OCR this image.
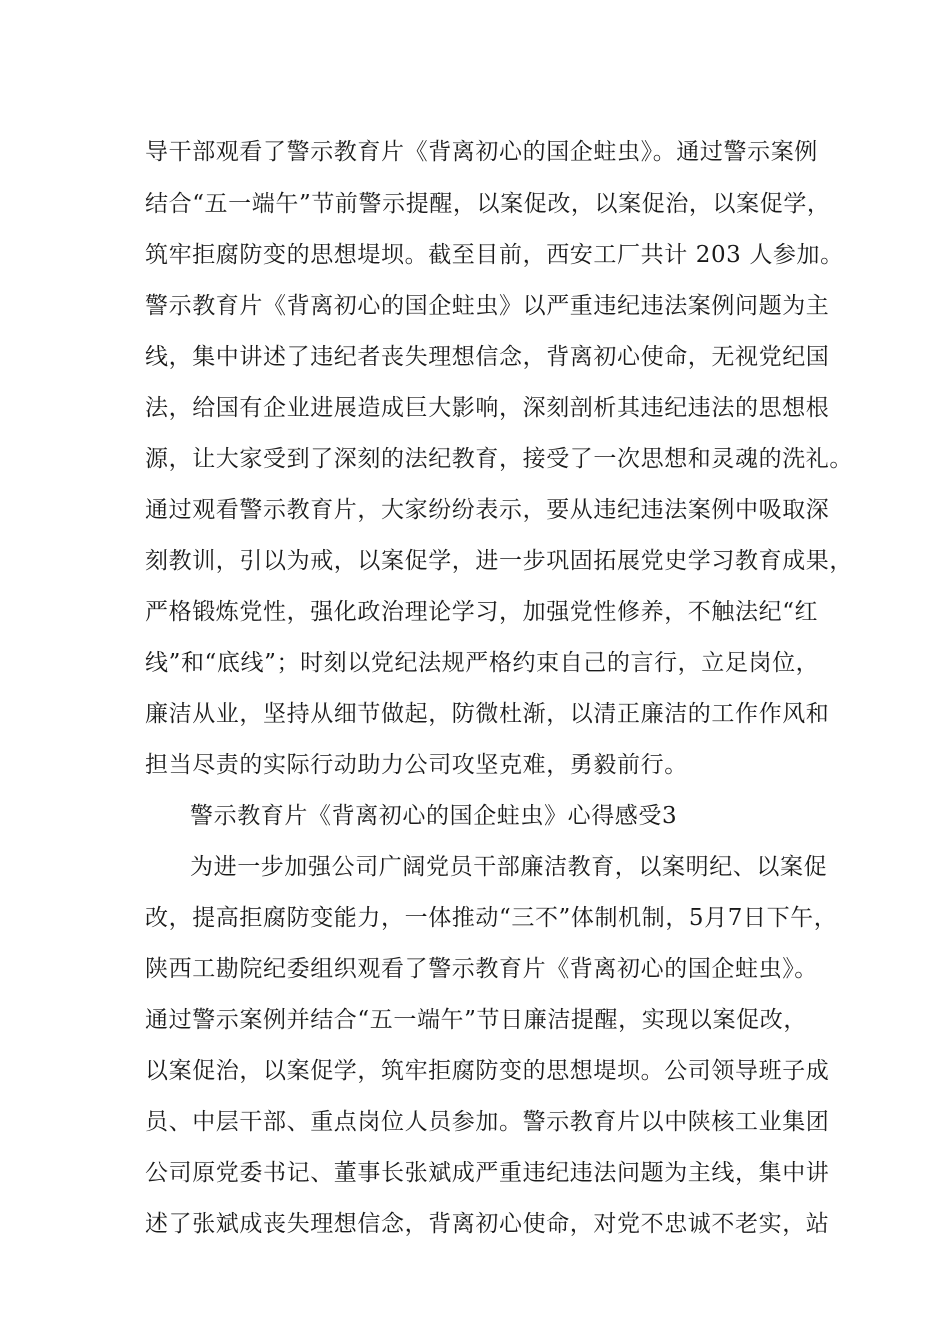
导干部观看了警示教育片《背离初心的国企蛀虫》。通过警示案例
结合“五一端午”节前警示提醒，以案促改，以案促治，以案促学，
筑牢拒腐防变的思想堤坝。截至目前，西安工厂共计 203 人参加。
警示教育片《背离初心的国企蛀虫》以严重违纪违法案例问题为主
线，集中讲述了违纪者丧失理想信念，背离初心使命，无视党纪国
法，给国有企业进展造成巨大影响，深刻剖析其违纪违法的思想根
源，让大家受到了深刻的法纪教育，接受了一次思想和灵魂的洗礼。
通过观看警示教育片，大家纷纷表示，要从违纪违法案例中吸取深
刻教训，引以为戒，以案促学，进一步巩固拓展党史学习教育成果，
严格锻炼党性，强化政治理论学习，加强党性修养，不触法纪“红
线”和“底线”；时刻以党纪法规严格约束自己的言行，立足岗位，
廉洁从业，坚持从细节做起，防微杜渐，以清正廉洁的工作作风和
担当尽责的实际行动助力公司攻坚克难，勇毅前行。
警示教育片《背离初心的国企蛀虫》心得感受3
为进一步加强公司广阔党员干部廉洁教育，以案明纪、以案促
改，提高拒腐防变能力，一体推动“三不”体制机制，5月7日下午，
陕西工勘院纪委组织观看了警示教育片《背离初心的国企蛀虫》。
通过警示案例并结合“五一端午”节日廉洁提醒，实现以案促改，
以案促治，以案促学，筑牢拒腐防变的思想堤坝。公司领导班子成
员、中层干部、重点岗位人员参加。警示教育片以中陕核工业集团
公司原党委书记、董事长张斌成严重违纪违法问题为主线，集中讲
述了张斌成丧失理想信念，背离初心使命，对党不忠诚不老实，站
